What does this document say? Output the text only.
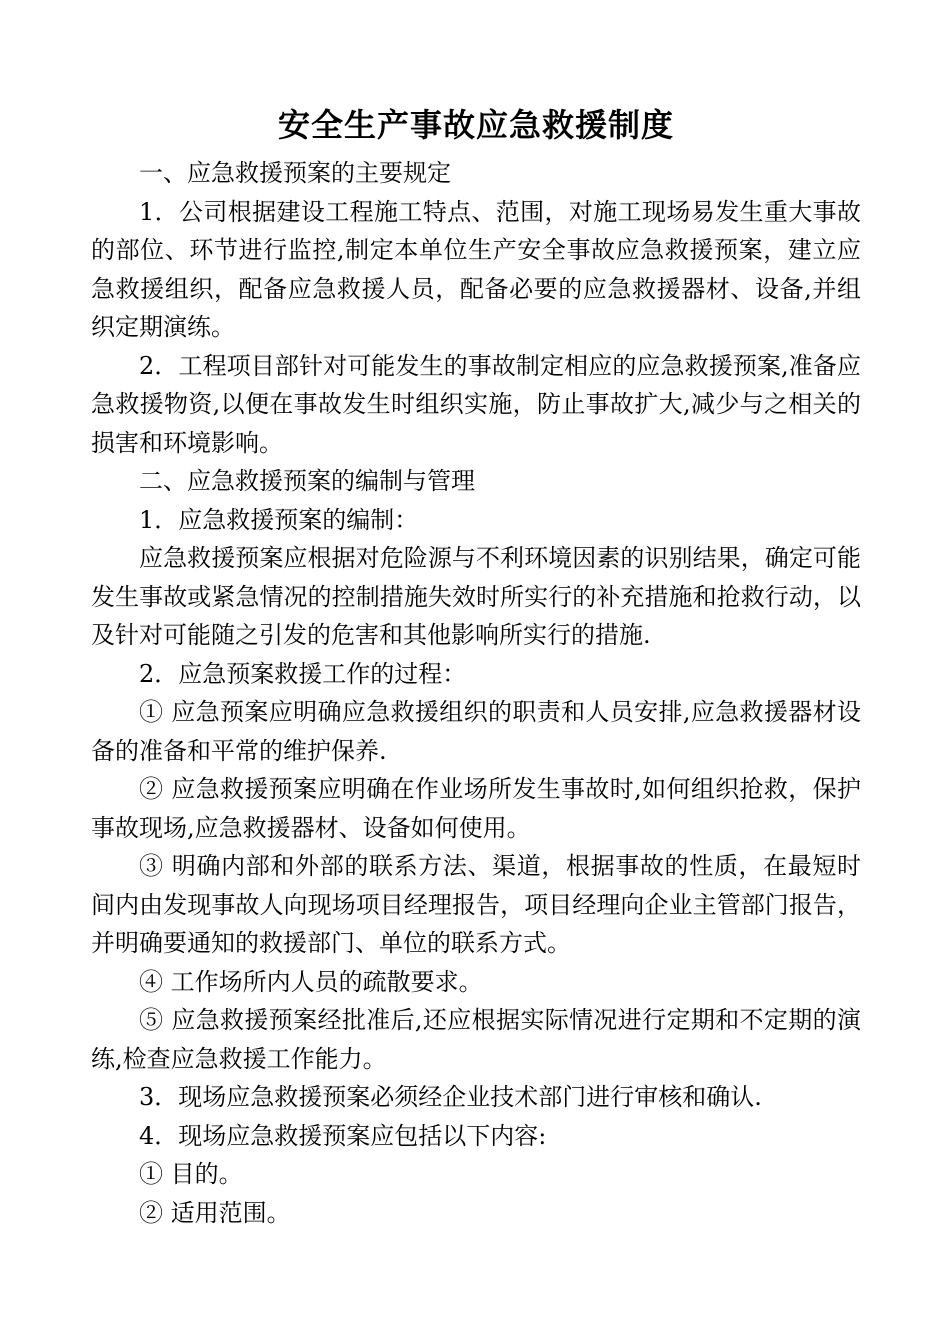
安全生产事故应急救援制度

一、应急救援预案的主要规定

1．公司根据建设工程施工特点、范围，对施工现场易发生重大事故的部位、环节进行监控,制定本单位生产安全事故应急救援预案，建立应急救援组织，配备应急救援人员，配备必要的应急救援器材、设备,并组织定期演练。

2．工程项目部针对可能发生的事故制定相应的应急救援预案,准备应急救援物资,以便在事故发生时组织实施，防止事故扩大,减少与之相关的损害和环境影响。

二、应急救援预案的编制与管理

1．应急救援预案的编制：

应急救援预案应根据对危险源与不利环境因素的识别结果，确定可能发生事故或紧急情况的控制措施失效时所实行的补充措施和抢救行动，以及针对可能随之引发的危害和其他影响所实行的措施.

2．应急预案救援工作的过程：

① 应急预案应明确应急救援组织的职责和人员安排,应急救援器材设备的准备和平常的维护保养.

② 应急救援预案应明确在作业场所发生事故时,如何组织抢救，保护事故现场,应急救援器材、设备如何使用。

③ 明确内部和外部的联系方法、渠道，根据事故的性质，在最短时间内由发现事故人向现场项目经理报告，项目经理向企业主管部门报告，并明确要通知的救援部门、单位的联系方式。

④ 工作场所内人员的疏散要求。

⑤ 应急救援预案经批准后,还应根据实际情况进行定期和不定期的演练,检查应急救援工作能力。

3．现场应急救援预案必须经企业技术部门进行审核和确认.

4．现场应急救援预案应包括以下内容:

① 目的。

② 适用范围。
